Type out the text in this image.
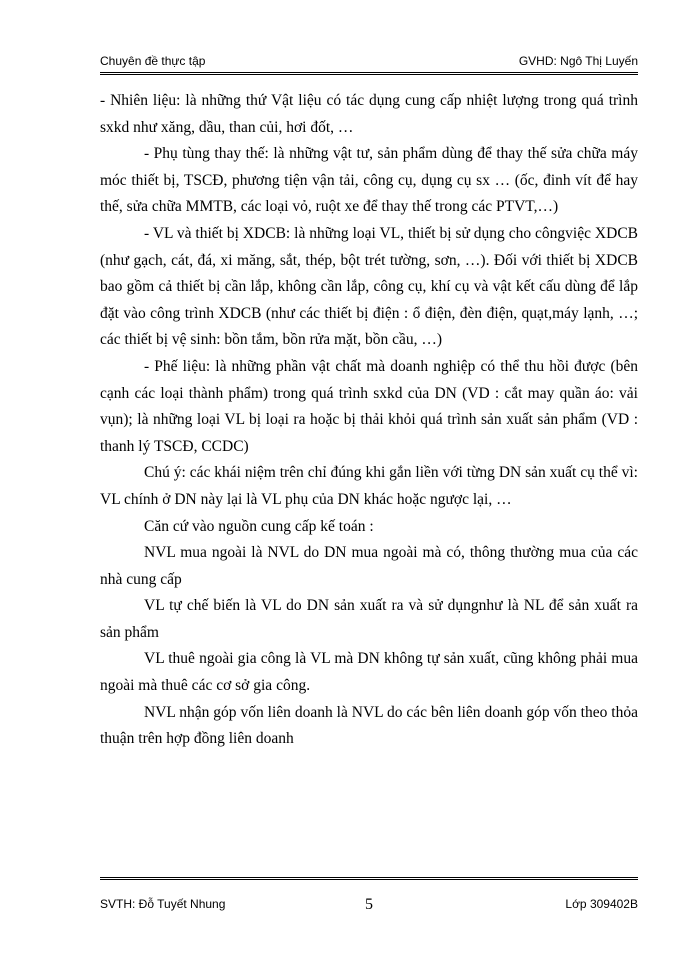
Chuyên đề thực tập	GVHD: Ngô Thị Luyến

- Nhiên liệu: là những thứ Vật liệu có tác dụng cung cấp nhiệt lượng trong quá trình sxkd như xăng, dầu, than củi, hơi đốt, …

- Phụ tùng thay thế: là những vật tư, sản phẩm dùng để thay thế sửa chữa máy móc thiết bị, TSCĐ, phương tiện vận tải, công cụ, dụng cụ sx … (ốc, đinh vít để hay thế, sửa chữa MMTB, các loại vỏ, ruột xe để thay thế trong các PTVT,…)

- VL và thiết bị XDCB: là những loại VL, thiết bị sử dụng cho côngviệc XDCB (như gạch, cát, đá, xi măng, sắt, thép, bột trét tường, sơn, …). Đối với thiết bị XDCB bao gồm cả thiết bị cần lắp, không cần lắp, công cụ, khí cụ và vật kết cấu dùng để lắp đặt vào công trình XDCB (như các thiết bị điện : ổ điện, đèn điện, quạt,máy lạnh, …; các thiết bị vệ sinh: bồn tắm, bồn rửa mặt, bồn cầu, …)

- Phế liệu: là những phần vật chất mà doanh nghiệp có thể thu hồi được (bên cạnh các loại thành phẩm) trong quá trình sxkd của DN (VD : cắt may quần áo: vải vụn); là những loại VL bị loại ra hoặc bị thải khỏi quá trình sản xuất sản phẩm (VD : thanh lý TSCĐ, CCDC)

Chú ý: các khái niệm trên chỉ đúng khi gắn liền với từng DN sản xuất cụ thể vì: VL chính ở DN này lại là VL phụ của DN khác hoặc ngược lại, …

Căn cứ vào nguồn cung cấp kế toán :

NVL mua ngoài là NVL do DN mua ngoài mà có, thông thường mua của các nhà cung cấp

VL tự chế biến là VL do DN sản xuất ra và sử dụngnhư là NL để sản xuất ra sản phẩm

VL thuê ngoài gia công là VL mà DN không tự sản xuất, cũng không phải mua ngoài mà thuê các cơ sở gia công.

NVL nhận góp vốn liên doanh là NVL do các bên liên doanh góp vốn theo thỏa thuận trên hợp đồng liên doanh

SVTH: Đỗ Tuyết Nhung	5	Lớp 309402B
